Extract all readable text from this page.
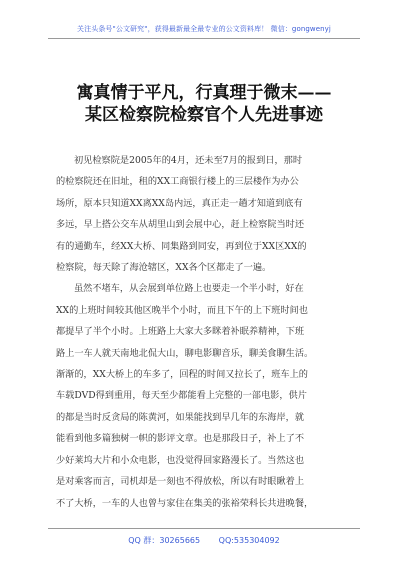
关注头条号"公文研究"，获得最新最全最专业的公文资料库！ 微信：gongwenyj
寓真情于平凡，行真理于微末——
某区检察院检察官个人先进事迹
初见检察院是2005年的4月，还未至7月的报到日，那时
的检察院还在旧址，租的XX工商银行楼上的三层楼作为办公
场所，原本只知道XX离XX岛内远，真正走一趟才知道到底有
多远，早上搭公交车从胡里山到会展中心，赶上检察院当时还
有的通勤车，经XX大桥、同集路到同安，再到位于XX区XX的
检察院，每天除了海沧辖区，XX各个区都走了一遍。
虽然不堵车，从会展到单位路上也要走一个半小时，好在
XX的上班时间较其他区晚半个小时，而且下午的上下班时间也
都提早了半个小时。上班路上大家大多眯着补眠养精神，下班
路上一车人就天南地北侃大山，聊电影聊音乐，聊美食聊生活。
渐渐的，XX大桥上的车多了，回程的时间又拉长了，班车上的
车载DVD得到重用，每天至少都能看上完整的一部电影，供片
的都是当时反贪局的陈黄河，如果能找到早几年的东海岸，就
能看到他多篇独树一帜的影评文章。也是那段日子，补上了不
少好莱坞大片和小众电影，也没觉得回家路漫长了。当然这也
是对乘客而言，司机却是一刻也不得放松，所以有时眼瞅着上
不了大桥，一车的人也曾与家住在集美的张裕荣科长共进晚餐，
QQ 群：30265665 QQ:535304092
